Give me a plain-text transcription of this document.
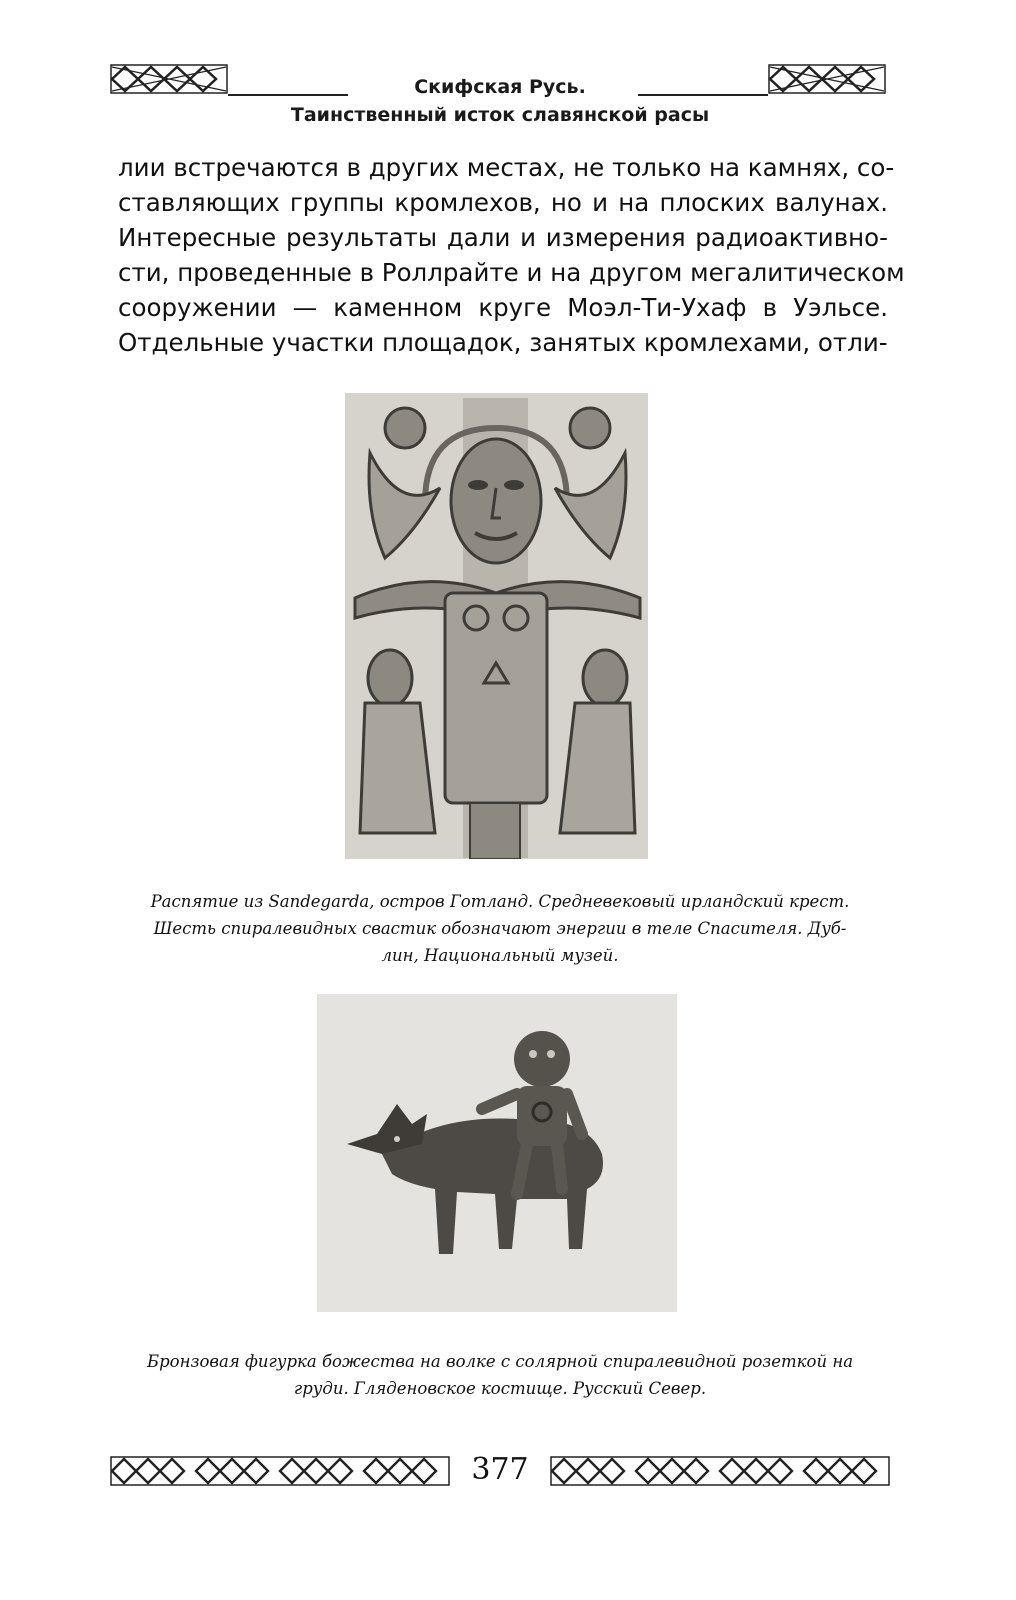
Скифская Русь.
Таинственный исток славянской расы
лии встречаются в других местах, не только на камнях, со-
ставляющих группы кромлехов, но и на плоских валунах.
Интересные результаты дали и измерения радиоактивно-
сти, проведенные в Роллрайте и на другом мегалитическом
сооружении — каменном круге Моэл-Ти-Ухаф в Уэльсе.
Отдельные участки площадок, занятых кромлехами, отли-
Распятие из Sandegarda, остров Готланд. Средневековый ирландский крест.
Шесть спиралевидных свастик обозначают энергии в теле Спасителя. Дуб-
лин, Национальный музей.
Бронзовая фигурка божества на волке с солярной спиралевидной розеткой на
груди. Гляденовское костище. Русский Север.
377
